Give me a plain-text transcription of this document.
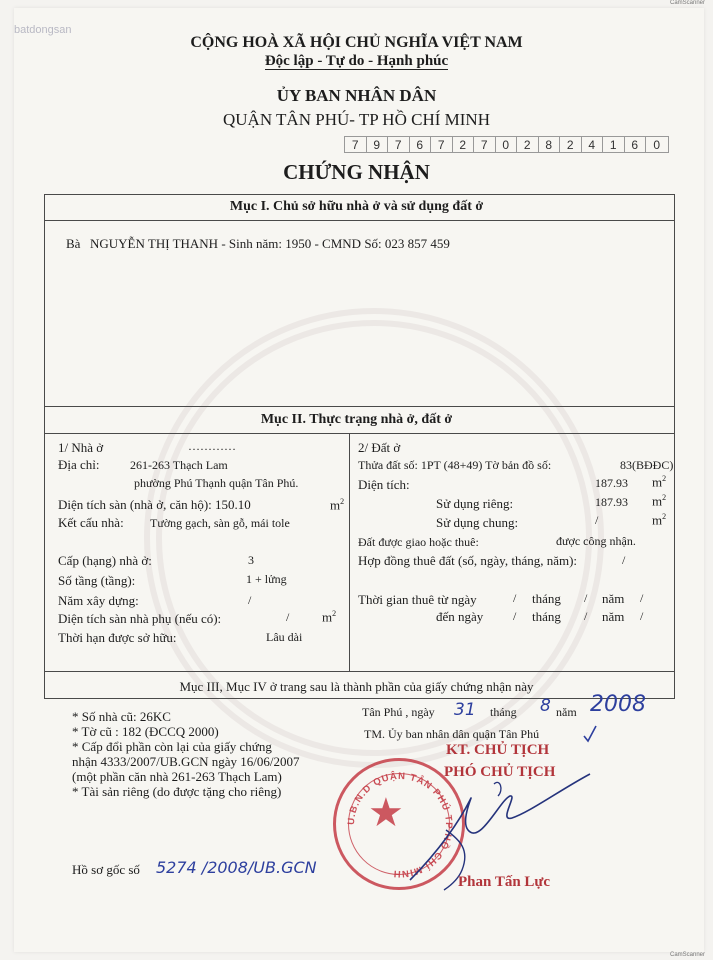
batdongsan
CamScanner
CamScanner
CỘNG HOÀ XÃ HỘI CHỦ NGHĨA VIỆT NAM
Độc lập - Tự do - Hạnh phúc
ỦY BAN NHÂN DÂN
QUẬN TÂN PHÚ- TP HỒ CHÍ MINH
7	9	7	6	7	2	7	0	2	8	2	4	1	6	0
CHỨNG NHẬN
Mục I. Chủ sở hữu nhà ở và sử dụng đất ở
Bà NGUYỄN THỊ THANH - Sinh năm: 1950 - CMND Số: 023 857 459
Mục II. Thực trạng nhà ở, đất ở
1/ Nhà ở	…………
Địa chỉ:	261-263 Thạch Lam
phường Phú Thạnh quận Tân Phú.
Diện tích sàn (nhà ở, căn hộ): 150.10	$m^2$
Kết cấu nhà: Tường gạch, sàn gỗ, mái tole
Cấp (hạng) nhà ở:	3
Số tầng (tầng):	1 + lửng
Năm xây dựng:	/
Diện tích sàn nhà phụ (nếu có):	/	$m^2$
Thời hạn được sở hữu:	Lâu dài
2/ Đất ở
Thửa đất số: 1PT (48+49) Tờ bản đồ số:	83(BĐĐC)
Diện tích:	187.93 $m^2$
Sử dụng riêng:	187.93 $m^2$
Sử dụng chung:	/	$m^2$
Đất được giao hoặc thuê:	được công nhận.
Hợp đồng thuê đất (số, ngày, tháng, năm):	/
Thời gian thuê từ ngày	/ tháng / năm /
đến ngày / tháng / năm /
Mục III, Mục IV ở trang sau là thành phần của giấy chứng nhận này
* Số nhà cũ: 26KC
* Tờ cũ : 182 (ĐCCQ 2000)
* Cấp đổi phần còn lại của giấy chứng
nhận 4333/2007/UB.GCN ngày 16/06/2007
(một phần căn nhà 261-263 Thạch Lam)
* Tài sản riêng (do được tặng cho riêng)
Tân Phú , ngày 31 tháng 8 năm 2008
TM. Ủy ban nhân dân quận Tân Phú
KT. CHỦ TỊCH
PHÓ CHỦ TỊCH
★
U.B.N.D QUẬN TÂN PHÚ TP HỒ CHÍ MINH
Phan Tấn Lực
Hồ sơ gốc số 5274 /2008/UB.GCN
